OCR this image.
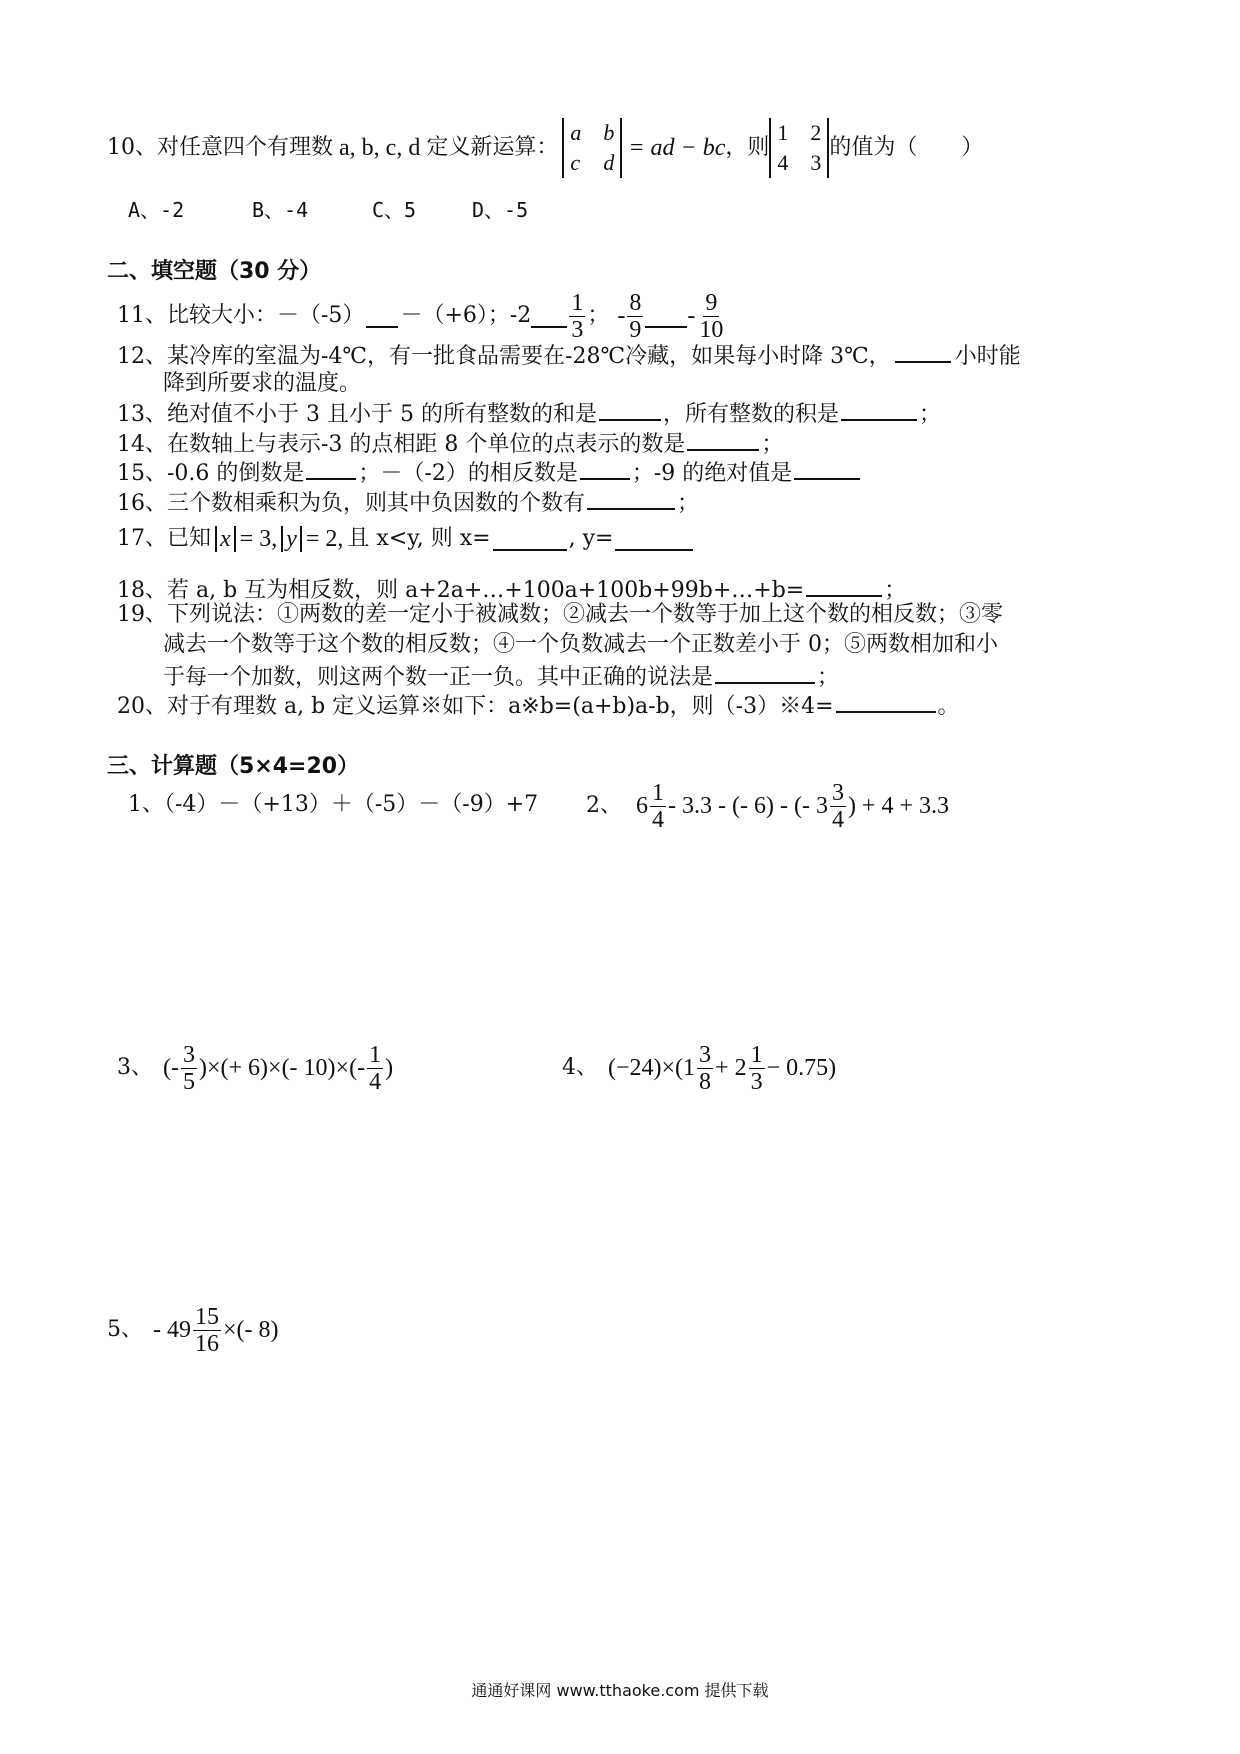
10、 对任意四个有理数 a, b, c, d 定义新运算：
a b
c d
= ad − bc ，则
1 2
4 3
的值为（　　）
A、-2	B、-4	C、5	D、-5
二、填空题（30 分）
11、 比较大小：－（-5） －（+6）；$-2 \frac{1}{3}$ ； - $\frac{8}{9} - \frac{9}{10}$
12、某冷库的室温为-4℃，有一批食品需要在-28℃冷藏，如果每小时降 3℃，	小时能
降到所要求的温度。
13、绝对值不小于 3 且小于 5 的所有整数的和是	，所有整数的积是	；
14、在数轴上与表示-3 的点相距 8 个单位的点表示的数是	；
15、-0.6 的倒数是 ；－（-2）的相反数是 ；-9 的绝对值是
16、三个数相乘积为负，则其中负因数的个数有	；
17、 已知 x = 3, y = 2, 且 x<y, 则 x=	, y=
18、若 a, b 互为相反数，则 a+2a+…+100a+100b+99b+…+b=	；
19、下列说法：①两数的差一定小于被减数；②减去一个数等于加上这个数的相反数；③零
减去一个数等于这个数的相反数；④一个负数减去一个正数差小于 0；⑤两数相加和小
于每一个加数，则这两个数一正一负。其中正确的说法是	；
20、对于有理数 a, b 定义运算※如下：a※b=(a+b)a-b，则（-3）※4=	。
三、计算题（5×4=20）
1、（-4）－（+13）＋（-5）－（-9）+7 2、 $6 \frac{1}{4} - 3.3$ - (- 6) - (- $3 \frac{3}{4}$ ) + 4 + 3.3
3、 (- $\frac{3}{5}$ )×(+ 6)×(- $10)\times(- \frac{1}{4}$ )	4、 $(-24)\times(1 \frac{3}{8} + 2 \frac{1}{3} - 0.75)$
5、 - $49 \frac{15}{16}$ ×(- 8)
通通好课网 www.tthaoke.com 提供下载
